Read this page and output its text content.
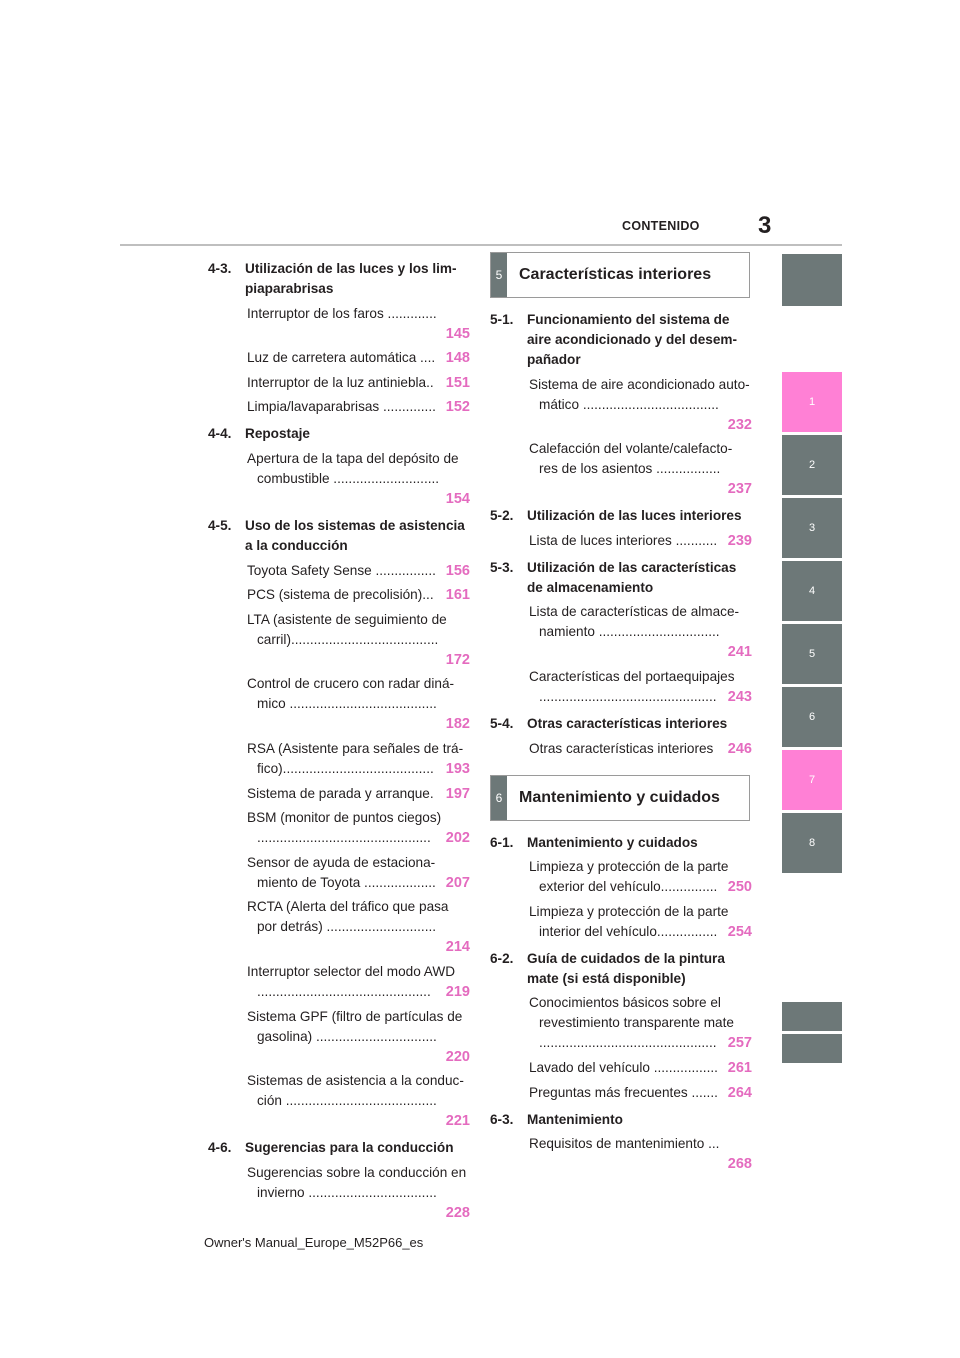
3
CONTENIDO
4-3. Utilización de las luces y los lim- piaparabrisas
Interruptor de los faros .............
145
Luz de carretera automática .... 148
Interruptor de la luz antiniebla.. 151
Limpia/lavaparabrisas .............. 152
4-4. Repostaje
Apertura de la tapa del depósito de combustible ............................
154
4-5. Uso de los sistemas de asistencia a la conducción
Toyota Safety Sense ................ 156
PCS (sistema de precolisión)... 161
LTA (asistente de seguimiento de carril).......................................
172
Control de crucero con radar diná- mico .......................................
182
RSA (Asistente para señales de trá- fico)........................................ 193
Sistema de parada y arranque. 197
BSM (monitor de puntos ciegos) ..............................................	202
Sensor de ayuda de estaciona- miento de Toyota ................... 207
RCTA (Alerta del tráfico que pasa por detrás) .............................
214
Interruptor selector del modo AWD ..............................................	219
Sistema GPF (filtro de partículas de gasolina) ................................
220
Sistemas de asistencia a la conduc- ción ........................................
221
4-6. Sugerencias para la conducción
Sugerencias sobre la conducción en invierno ..................................
228
5	Características interiores
5-1. Funcionamiento del sistema de aire acondicionado y del desem- pañador
Sistema de aire acondicionado auto- mático ....................................
232
Calefacción del volante/calefacto- res de los asientos .................
237
5-2. Utilización de las luces interiores
Lista de luces interiores ........... 239
5-3. Utilización de las características de almacenamiento
Lista de características de almace- namiento ................................
241
Características del portaequipajes ............................................... 243
5-4. Otras características interiores
Otras características interiores 246
6	Mantenimiento y cuidados
6-1. Mantenimiento y cuidados
Limpieza y protección de la parte exterior del vehículo............... 250
Limpieza y protección de la parte interior del vehículo................ 254
6-2. Guía de cuidados de la pintura mate (si está disponible)
Conocimientos básicos sobre el revestimiento transparente mate ............................................... 257
Lavado del vehículo ................. 261
Preguntas más frecuentes ....... 264
6-3. Mantenimiento
Requisitos de mantenimiento ...
268
1
2
3
4
5
6
7
8
Owner's Manual_Europe_M52P66_es
